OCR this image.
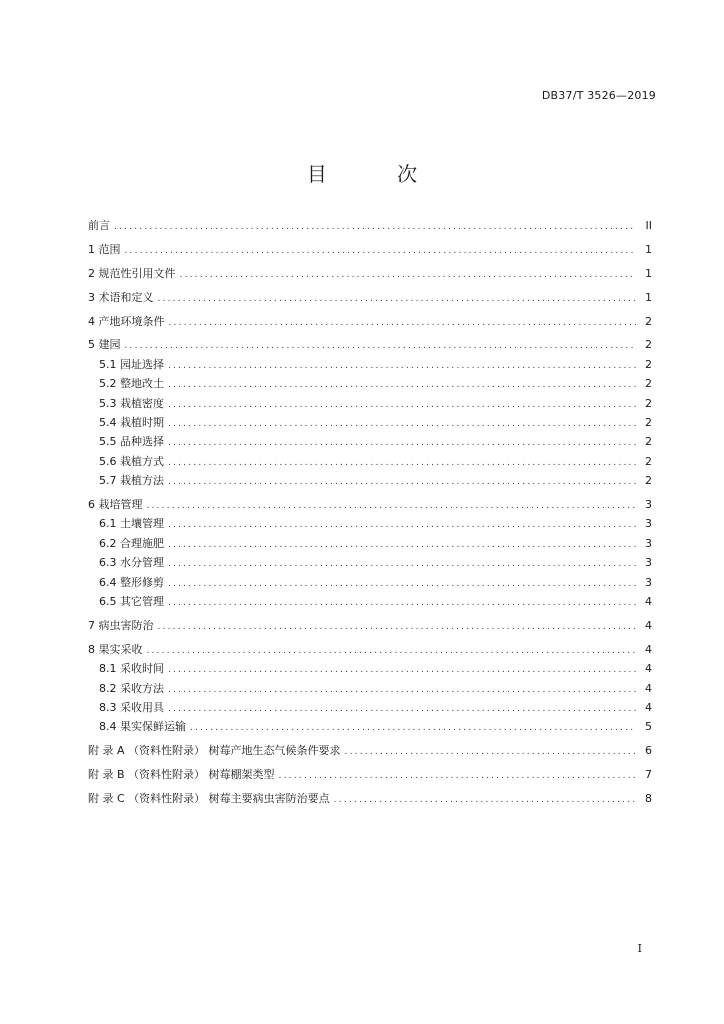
DB37/T 3526—2019
目 次
前言 .....	II
1 范围 .....	1
2 规范性引用文件 .....	1
3 术语和定义 .....	1
4 产地环境条件 .....	2
5 建园 .....	2
5.1 园址选择 .....	2
5.2 整地改土 .....	2
5.3 栽植密度 .....	2
5.4 栽植时期 .....	2
5.5 品种选择 .....	2
5.6 栽植方式 .....	2
5.7 栽植方法 .....	2
6 栽培管理 .....	3
6.1 土壤管理 .....	3
6.2 合理施肥 .....	3
6.3 水分管理 .....	3
6.4 整形修剪 .....	3
6.5 其它管理 .....	4
7 病虫害防治 .....	4
8 果实采收 .....	4
8.1 采收时间 .....	4
8.2 采收方法 .....	4
8.3 采收用具 .....	4
8.4 果实保鲜运输 .....	5
附 录 A （资料性附录） 树莓产地生态气候条件要求 .....	6
附 录 B （资料性附录） 树莓棚架类型 .....	7
附 录 C （资料性附录） 树莓主要病虫害防治要点 .....	8
I
